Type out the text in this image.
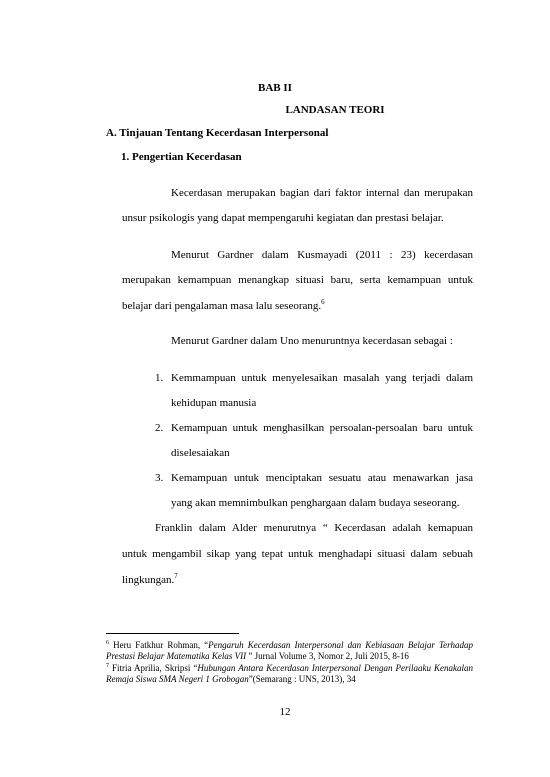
BAB II
LANDASAN TEORI
A. Tinjauan Tentang Kecerdasan Interpersonal
1. Pengertian Kecerdasan
Kecerdasan merupakan bagian dari faktor internal dan merupakan
unsur psikologis yang dapat mempengaruhi kegiatan dan prestasi belajar.
Menurut Gardner dalam Kusmayadi (2011 : 23) kecerdasan
merupakan kemampuan menangkap situasi baru, serta kemampuan untuk
belajar dari pengalaman masa lalu seseorang.$^6$
Menurut Gardner dalam Uno menuruntnya kecerdasan sebagai :
1. Kemmampuan untuk menyelesaikan masalah yang terjadi dalam
kehidupan manusia
2. Kemampuan untuk menghasilkan persoalan-persoalan baru untuk
diselesaiakan
3. Kemampuan untuk menciptakan sesuatu atau menawarkan jasa
yang akan memnimbulkan penghargaan dalam budaya seseorang.
Franklin dalam Alder menurutnya “ Kecerdasan adalah kemapuan
untuk mengambil sikap yang tepat untuk menghadapi situasi dalam sebuah
lingkungan.$^7$
$^6$ Heru Fatkhur Rohman, “Pengaruh Kecerdasan Interpersonal dan Kebiasaan Belajar Terhadap Prestasi Belajar Matematika Kelas VII ” Jurnal Volume 3, Nomor 2, Juli 2015, 8-16
$^7$ Fitria Aprilia, Skripsi “Hubungan Antara Kecerdasan Interpersonal Dengan Perilaaku Kenakalan Remaja Siswa SMA Negeri 1 Grobogan”(Semarang : UNS, 2013), 34
12
